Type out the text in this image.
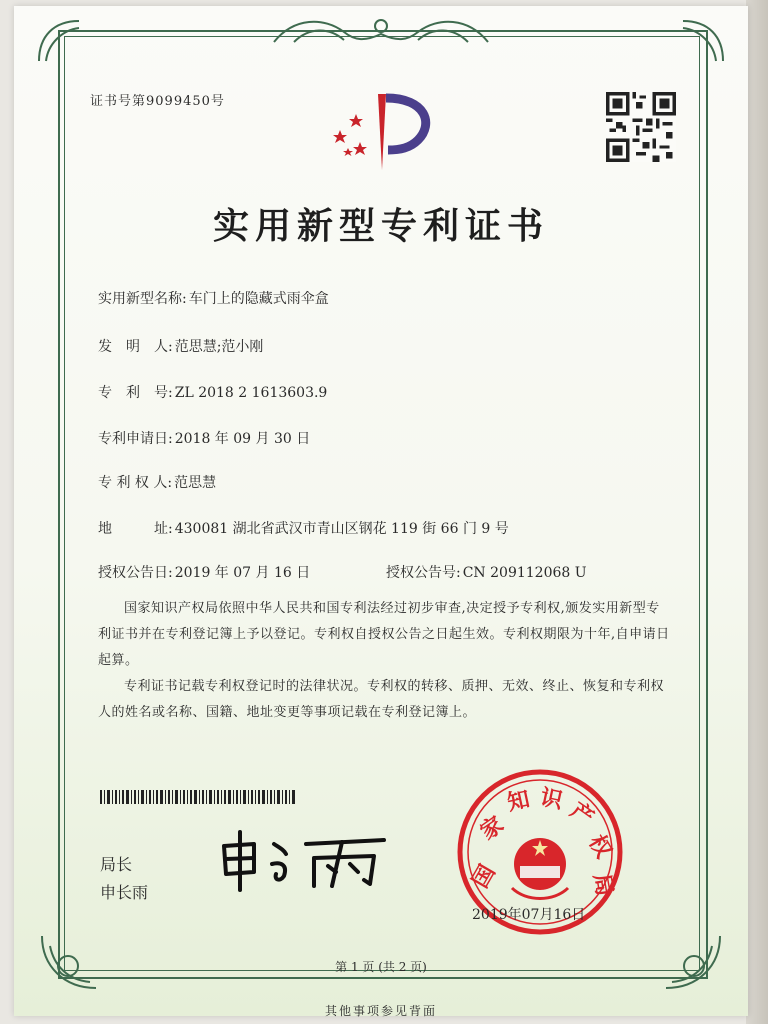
证书号第9099450号
实用新型专利证书
实用新型名称: 车门上的隐藏式雨伞盒
发　明　人: 范思慧;范小刚
专　利　号: ZL 2018 2 1613603.9
专利申请日: 2018 年 09 月 30 日
专 利 权 人: 范思慧
地　　　址: 430081 湖北省武汉市青山区钢花 119 街 66 门 9 号
授权公告日: 2019 年 07 月 16 日	授权公告号: CN 209112068 U
国家知识产权局依照中华人民共和国专利法经过初步审查,决定授予专利权,颁发实用新型专利证书并在专利登记簿上予以登记。专利权自授权公告之日起生效。专利权期限为十年,自申请日起算。
专利证书记载专利权登记时的法律状况。专利权的转移、质押、无效、终止、恢复和专利权人的姓名或名称、国籍、地址变更等事项记载在专利登记簿上。
局长
申长雨	国
家
知 识 产
权
局
2019年07月16日
第 1 页 (共 2 页)
其他事项参见背面
